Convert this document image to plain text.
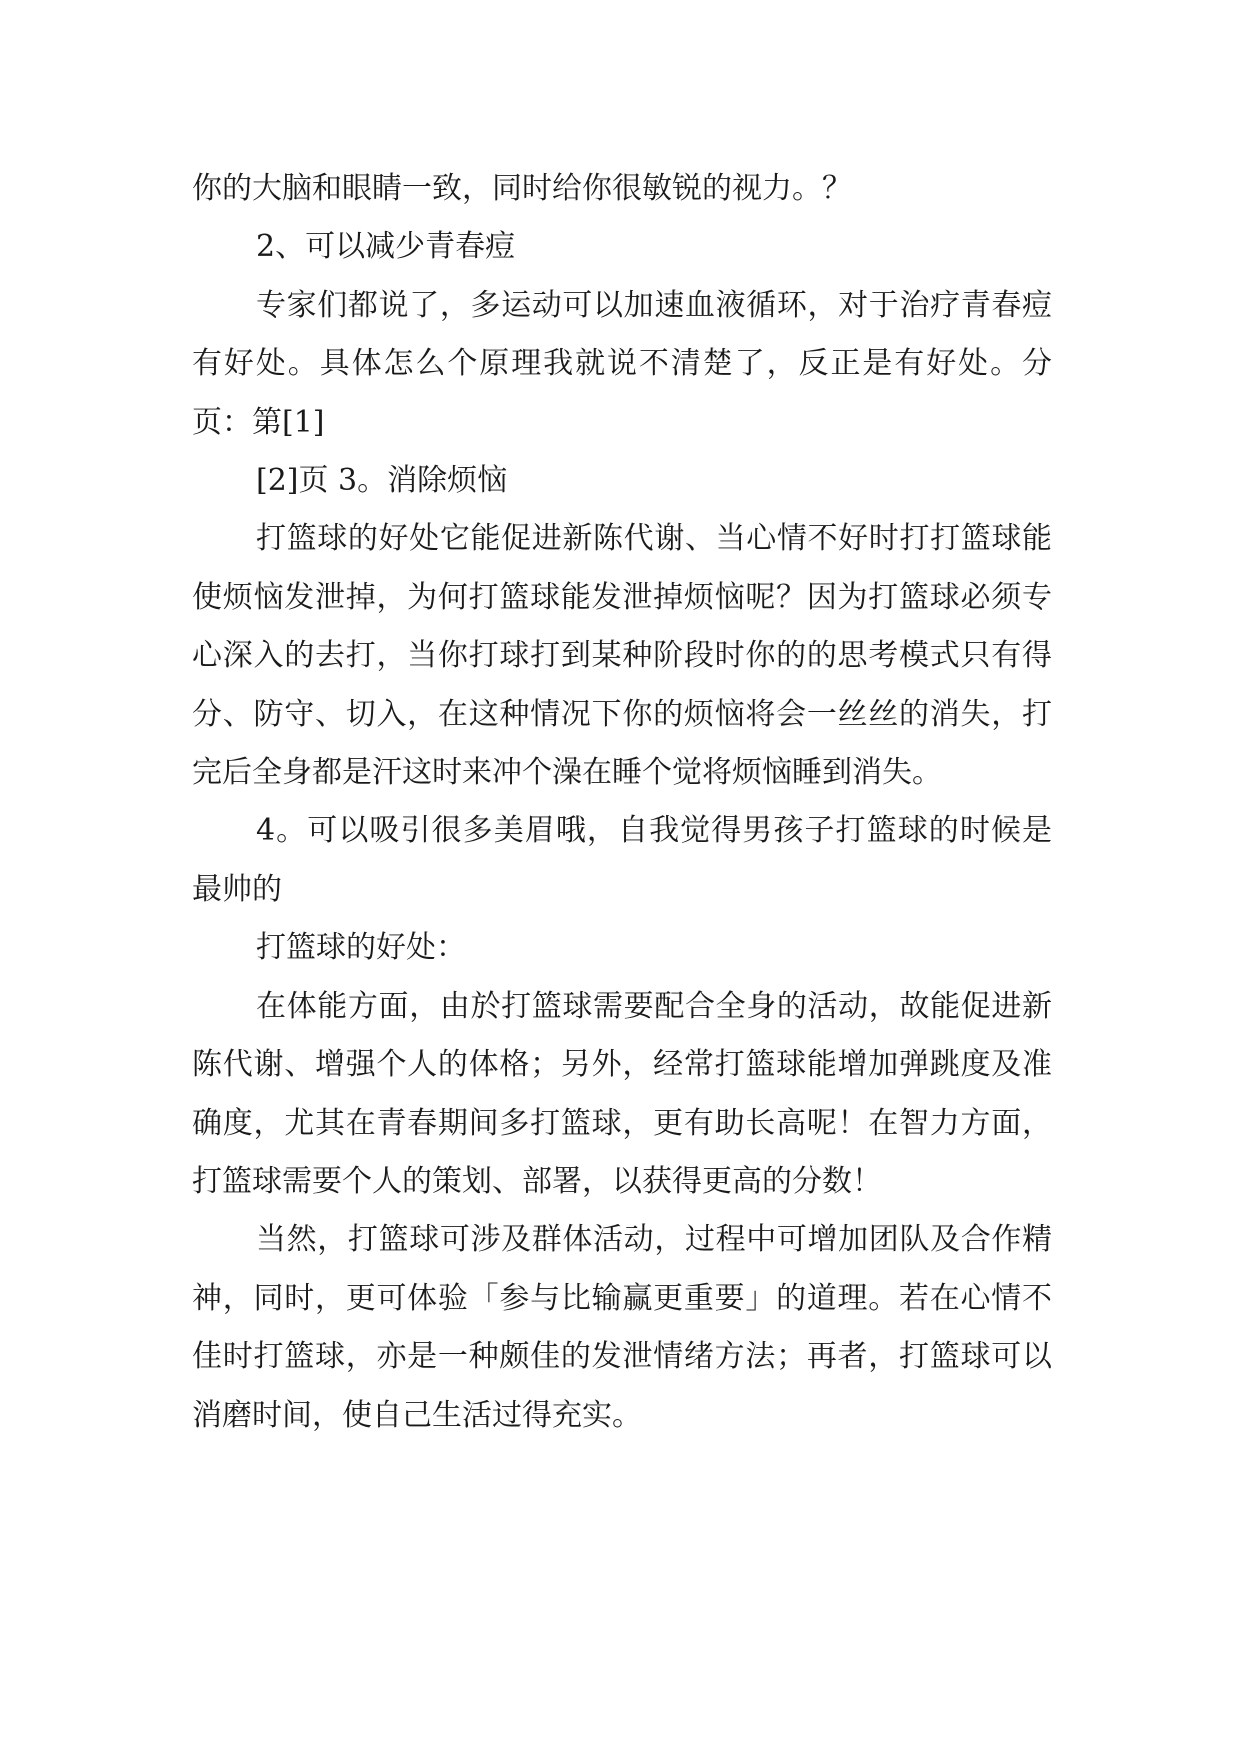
你的大脑和眼睛一致，同时给你很敏锐的视力。？

2、可以减少青春痘

专家们都说了，多运动可以加速血液循环，对于治疗青春痘有好处。具体怎么个原理我就说不清楚了，反正是有好处。分页：第[1]

[2]页 3。消除烦恼

打篮球的好处它能促进新陈代谢、当心情不好时打打篮球能使烦恼发泄掉，为何打篮球能发泄掉烦恼呢？因为打篮球必须专心深入的去打，当你打球打到某种阶段时你的的思考模式只有得分、防守、切入，在这种情况下你的烦恼将会一丝丝的消失，打完后全身都是汗这时来冲个澡在睡个觉将烦恼睡到消失。

4。可以吸引很多美眉哦，自我觉得男孩子打篮球的时候是最帅的

打篮球的好处：

在体能方面，由於打篮球需要配合全身的活动，故能促进新陈代谢、增强个人的体格；另外，经常打篮球能增加弹跳度及准确度，尤其在青春期间多打篮球，更有助长高呢！在智力方面，打篮球需要个人的策划、部署，以获得更高的分数！

当然，打篮球可涉及群体活动，过程中可增加团队及合作精神，同时，更可体验「参与比输赢更重要」的道理。若在心情不佳时打篮球，亦是一种颇佳的发泄情绪方法；再者，打篮球可以消磨时间，使自己生活过得充实。
